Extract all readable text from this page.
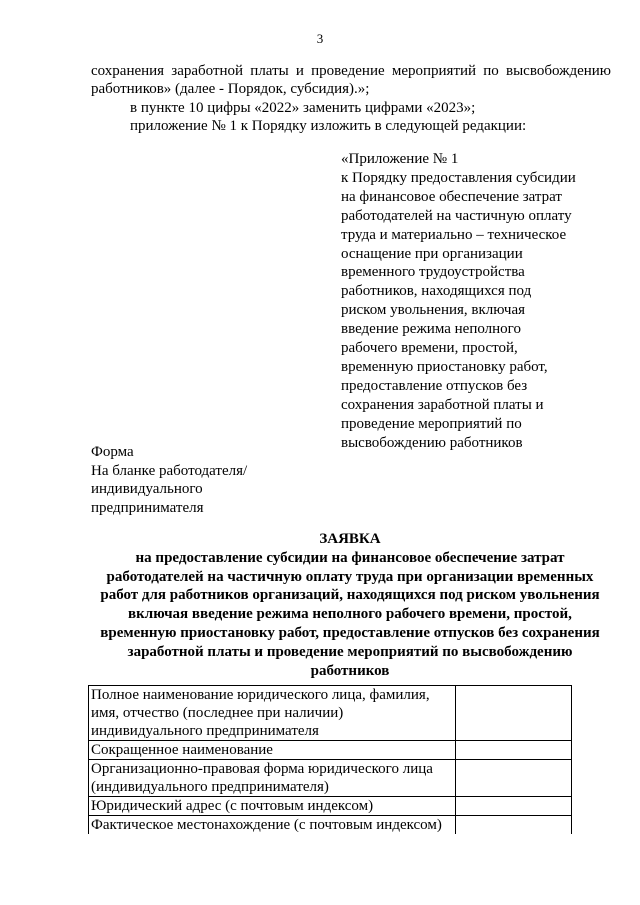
3
сохранения заработной платы и проведение мероприятий по высвобождению
работников» (далее - Порядок, субсидия).»;
в пункте 10 цифры «2022» заменить цифрами «2023»;
приложение № 1 к Порядку изложить в следующей редакции:
«Приложение № 1
к Порядку предоставления субсидии
на финансовое обеспечение затрат
работодателей на частичную оплату
труда и материально – техническое
оснащение при организации
временного трудоустройства
работников, находящихся под
риском увольнения, включая
введение режима неполного
рабочего времени, простой,
временную приостановку работ,
предоставление отпусков без
сохранения заработной платы и
проведение мероприятий по
высвобождению работников
Форма
На бланке работодателя/
индивидуального
предпринимателя
ЗАЯВКА
на предоставление субсидии на финансовое обеспечение затрат
работодателей на частичную оплату труда при организации временных
работ для работников организаций, находящихся под риском увольнения
включая введение режима неполного рабочего времени, простой,
временную приостановку работ, предоставление отпусков без сохранения
заработной платы и проведение мероприятий по высвобождению
работников
Полное наименование юридического лица, фамилия,
имя, отчество (последнее при наличии)
индивидуального предпринимателя	

Сокращенное наименование	

Организационно-правовая форма юридического лица
(индивидуального предпринимателя)	

Юридический адрес (с почтовым индексом)	

Фактическое местонахождение (с почтовым индексом)	
